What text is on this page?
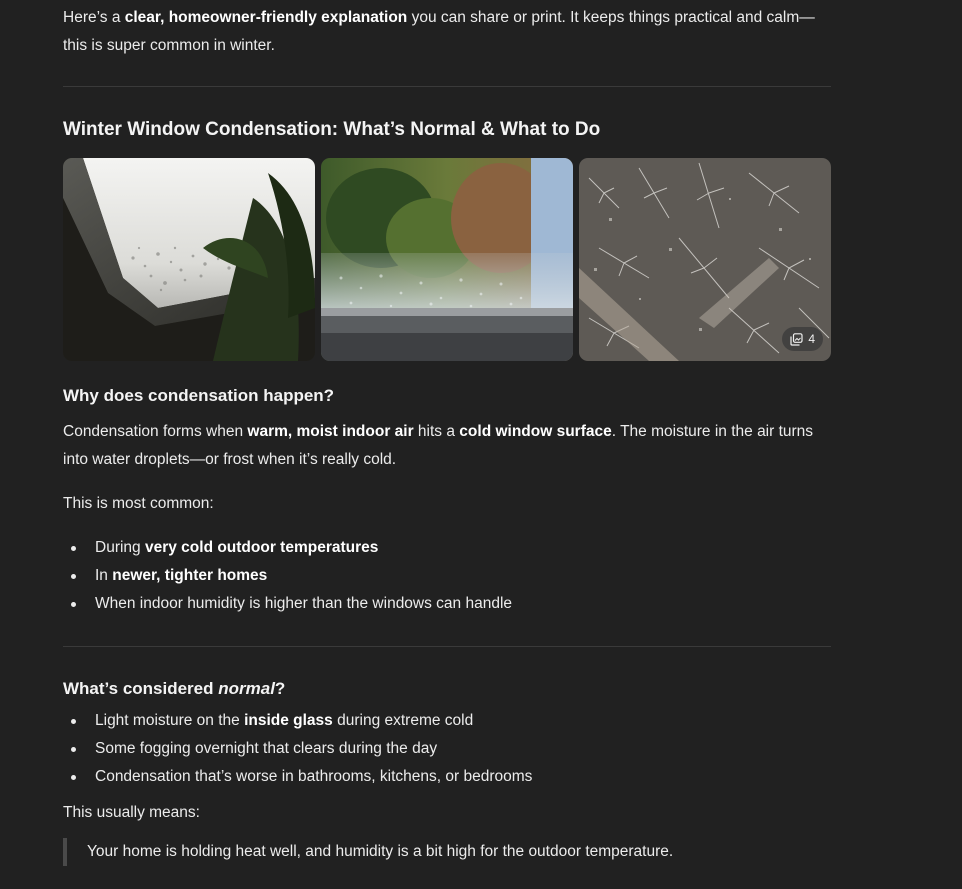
Here’s a clear, homeowner-friendly explanation you can share or print. It keeps things practical and calm—this is super common in winter.

Winter Window Condensation: What’s Normal & What to Do
4
Why does condensation happen?

Condensation forms when warm, moist indoor air hits a cold window surface. The moisture in the air turns into water droplets—or frost when it’s really cold.

This is most common:

During very cold outdoor temperatures
In newer, tighter homes
When indoor humidity is higher than the windows can handle
What’s considered normal?
Light moisture on the inside glass during extreme cold
Some fogging overnight that clears during the day
Condensation that’s worse in bathrooms, kitchens, or bedrooms

This usually means:

Your home is holding heat well, and humidity is a bit high for the outdoor temperature.
